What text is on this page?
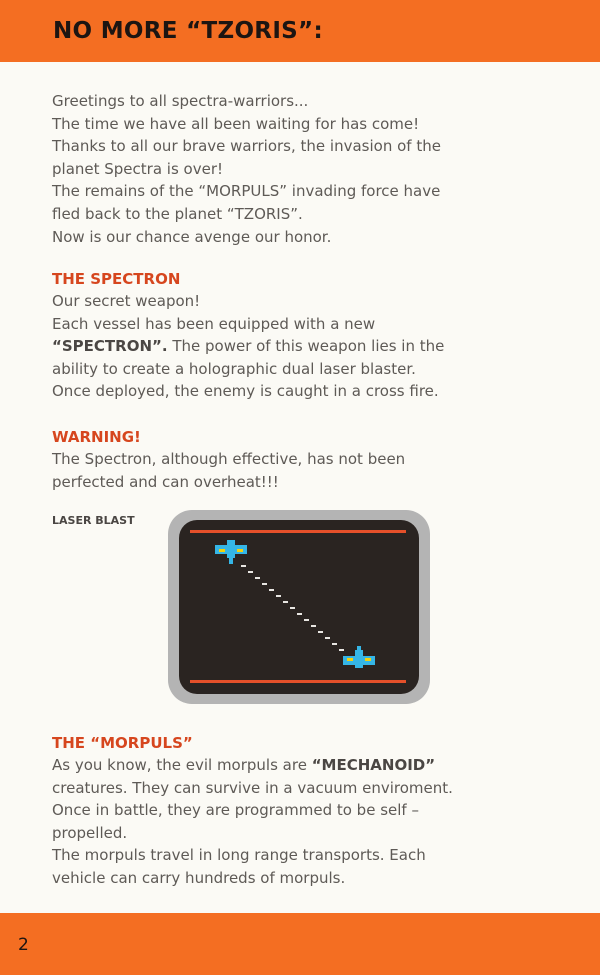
NO MORE “TZORIS”:
Greetings to all spectra-warriors...
The time we have all been waiting for has come!
Thanks to all our brave warriors, the invasion of the
planet Spectra is over!
The remains of the “MORPULS” invading force have
fled back to the planet “TZORIS”.
Now is our chance avenge our honor.
THE SPECTRON
Our secret weapon!
Each vessel has been equipped with a new
“SPECTRON”. The power of this weapon lies in the
ability to create a holographic dual laser blaster.
Once deployed, the enemy is caught in a cross fire.
WARNING!
The Spectron, although effective, has not been
perfected and can overheat!!!
LASER BLAST
THE “MORPULS”
As you know, the evil morpuls are “MECHANOID”
creatures. They can survive in a vacuum enviroment.
Once in battle, they are programmed to be self –
propelled.
The morpuls travel in long range transports. Each
vehicle can carry hundreds of morpuls.
2
